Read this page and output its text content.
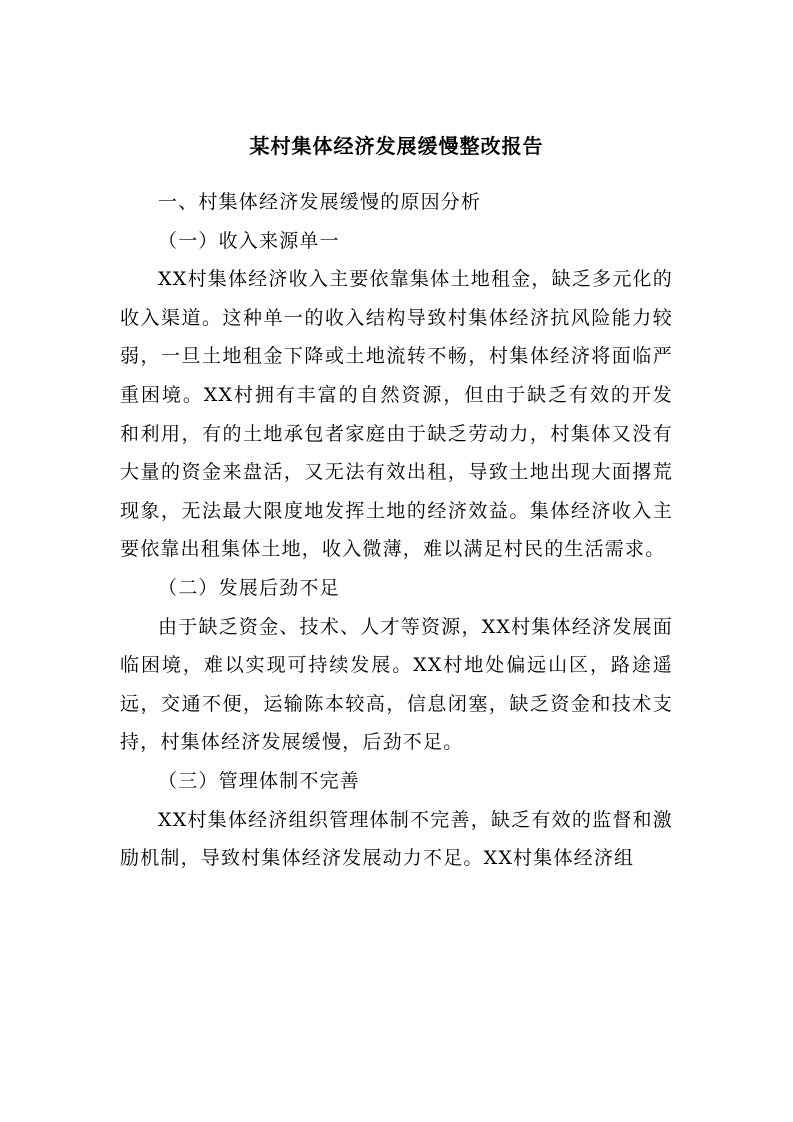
某村集体经济发展缓慢整改报告

一、村集体经济发展缓慢的原因分析

（一）收入来源单一

XX村集体经济收入主要依靠集体土地租金，缺乏多元化的收入渠道。这种单一的收入结构导致村集体经济抗风险能力较弱，一旦土地租金下降或土地流转不畅，村集体经济将面临严重困境。XX村拥有丰富的自然资源，但由于缺乏有效的开发和利用，有的土地承包者家庭由于缺乏劳动力，村集体又没有大量的资金来盘活，又无法有效出租，导致土地出现大面撂荒现象，无法最大限度地发挥土地的经济效益。集体经济收入主要依靠出租集体土地，收入微薄，难以满足村民的生活需求。

（二）发展后劲不足

由于缺乏资金、技术、人才等资源，XX村集体经济发展面临困境，难以实现可持续发展。XX村地处偏远山区，路途遥远，交通不便，运输陈本较高，信息闭塞，缺乏资金和技术支持，村集体经济发展缓慢，后劲不足。

（三）管理体制不完善

XX村集体经济组织管理体制不完善，缺乏有效的监督和激励机制，导致村集体经济发展动力不足。XX村集体经济组
